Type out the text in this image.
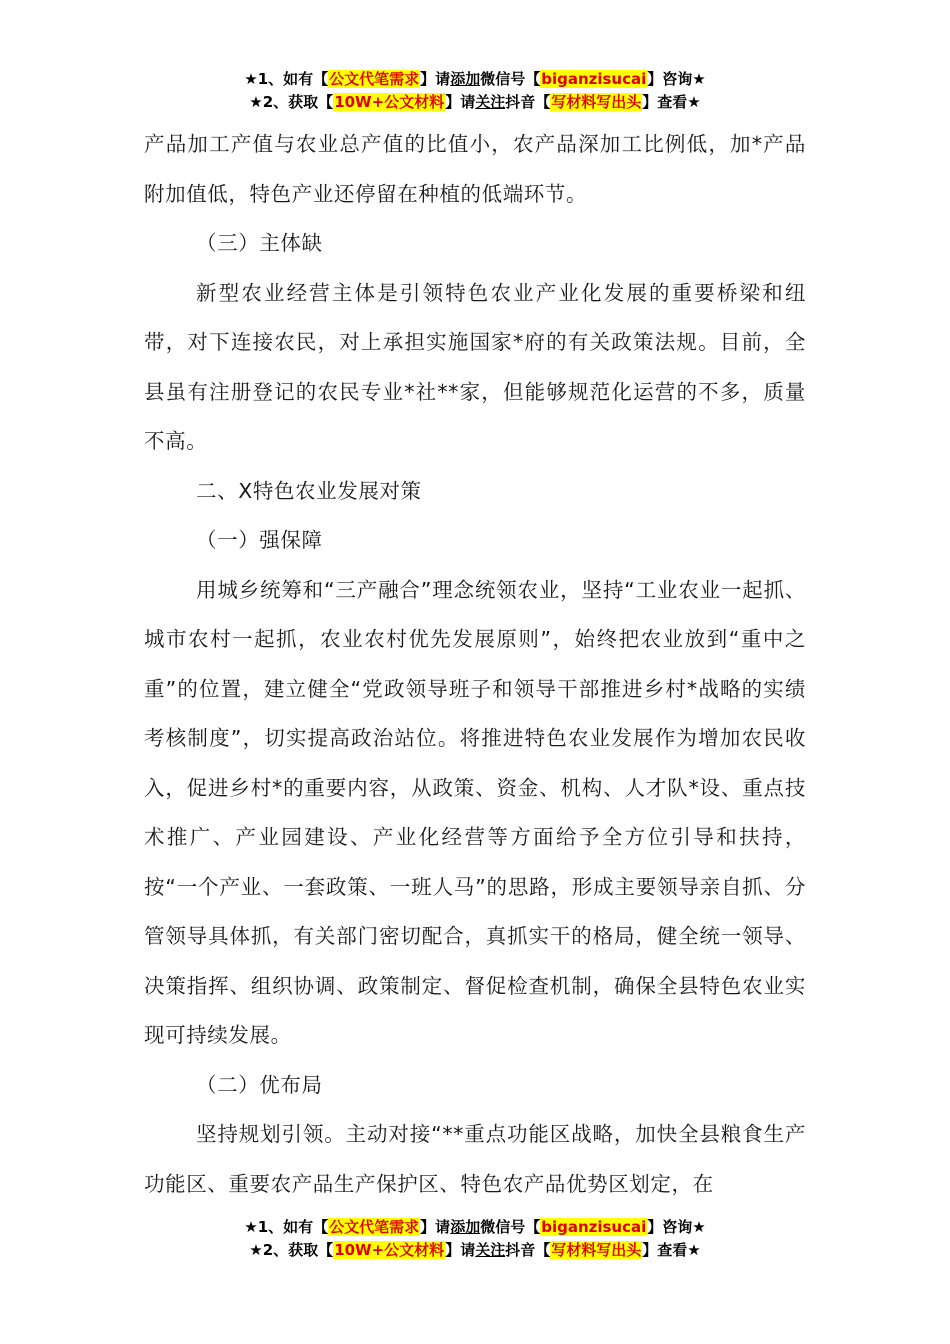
★1、如有【公文代笔需求】请添加微信号【biganzisucai】咨询★
★2、获取【10W+公文材料】请关注抖音【写材料写出头】查看★

产品加工产值与农业总产值的比值小，农产品深加工比例低，加*产品附加值低，特色产业还停留在种植的低端环节。

（三）主体缺

新型农业经营主体是引领特色农业产业化发展的重要桥梁和纽带，对下连接农民，对上承担实施国家*府的有关政策法规。目前，全县虽有注册登记的农民专业*社**家，但能够规范化运营的不多，质量不高。

二、X特色农业发展对策

（一）强保障

用城乡统筹和“三产融合”理念统领农业，坚持“工业农业一起抓、城市农村一起抓，农业农村优先发展原则”，始终把农业放到“重中之重”的位置，建立健全“党政领导班子和领导干部推进乡村*战略的实绩考核制度”，切实提高政治站位。将推进特色农业发展作为增加农民收入，促进乡村*的重要内容，从政策、资金、机构、人才队*设、重点技术推广、产业园建设、产业化经营等方面给予全方位引导和扶持，按“一个产业、一套政策、一班人马”的思路，形成主要领导亲自抓、分管领导具体抓，有关部门密切配合，真抓实干的格局，健全统一领导、决策指挥、组织协调、政策制定、督促检查机制，确保全县特色农业实现可持续发展。

（二）优布局

坚持规划引领。主动对接“**重点功能区战略，加快全县粮食生产功能区、重要农产品生产保护区、特色农产品优势区划定，在

★1、如有【公文代笔需求】请添加微信号【biganzisucai】咨询★
★2、获取【10W+公文材料】请关注抖音【写材料写出头】查看★
